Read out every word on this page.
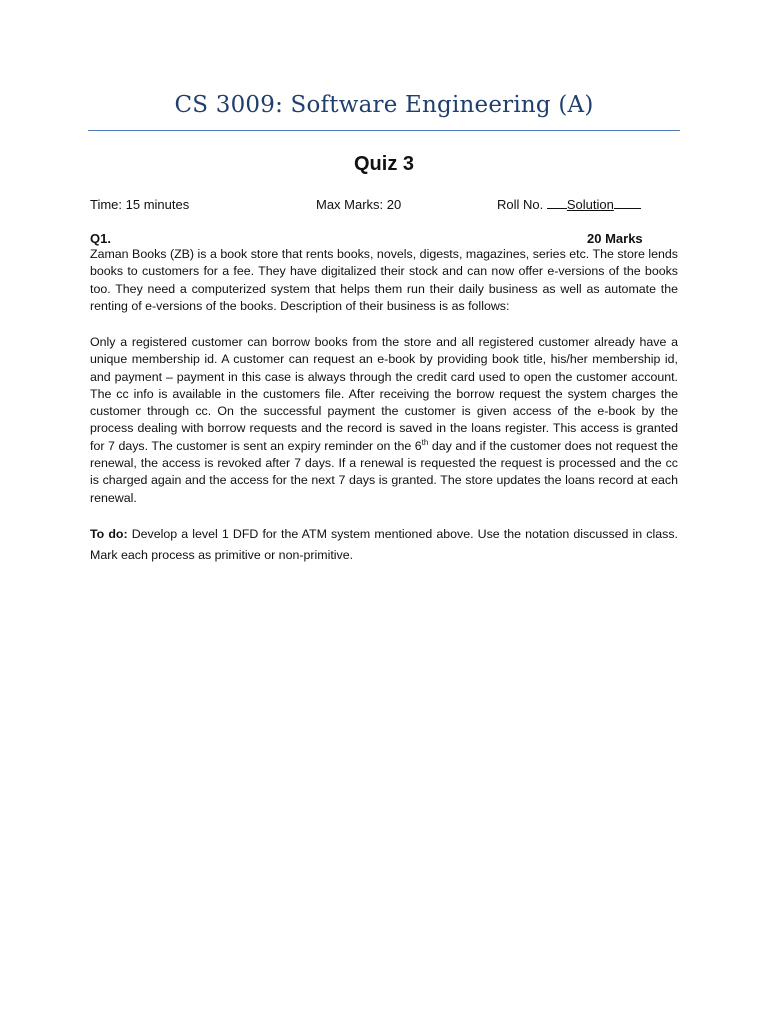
CS 3009: Software Engineering (A)
Quiz 3
Time: 15 minutes	Max Marks: 20	Roll No. Solution
Q1.	20 Marks

Zaman Books (ZB) is a book store that rents books, novels, digests, magazines, series etc. The store lends books to customers for a fee. They have digitalized their stock and can now offer e-versions of the books too. They need a computerized system that helps them run their daily business as well as automate the renting of e-versions of the books. Description of their business is as follows:

Only a registered customer can borrow books from the store and all registered customer already have a unique membership id. A customer can request an e-book by providing book title, his/her membership id, and payment – payment in this case is always through the credit card used to open the customer account. The cc info is available in the customers file. After receiving the borrow request the system charges the customer through cc. On the successful payment the customer is given access of the e-book by the process dealing with borrow requests and the record is saved in the loans register. This access is granted for 7 days. The customer is sent an expiry reminder on the 6th day and if the customer does not request the renewal, the access is revoked after 7 days. If a renewal is requested the request is processed and the cc is charged again and the access for the next 7 days is granted. The store updates the loans record at each renewal.

To do: Develop a level 1 DFD for the ATM system mentioned above. Use the notation discussed in class. Mark each process as primitive or non-primitive.
